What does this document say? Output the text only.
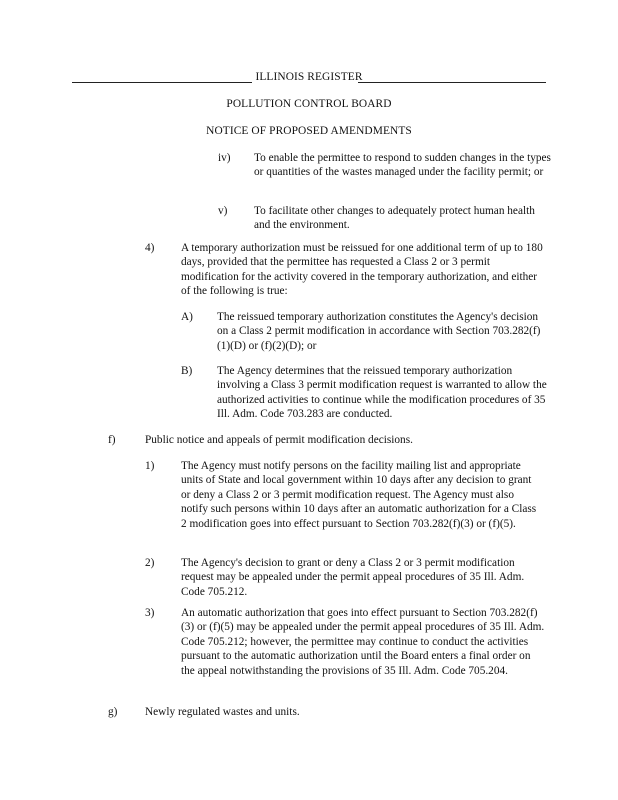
ILLINOIS REGISTER
POLLUTION CONTROL BOARD
NOTICE OF PROPOSED AMENDMENTS
iv) To enable the permittee to respond to sudden changes in the types or quantities of the wastes managed under the facility permit; or

v) To facilitate other changes to adequately protect human health and the environment.

4) A temporary authorization must be reissued for one additional term of up to 180 days, provided that the permittee has requested a Class 2 or 3 permit modification for the activity covered in the temporary authorization, and either of the following is true:

A) The reissued temporary authorization constitutes the Agency's decision on a Class 2 permit modification in accordance with Section 703.282(f)(1)(D) or (f)(2)(D); or

B) The Agency determines that the reissued temporary authorization involving a Class 3 permit modification request is warranted to allow the authorized activities to continue while the modification procedures of 35 Ill. Adm. Code 703.283 are conducted.

f)	Public notice and appeals of permit modification decisions.

1) The Agency must notify persons on the facility mailing list and appropriate units of State and local government within 10 days after any decision to grant or deny a Class 2 or 3 permit modification request. The Agency must also notify such persons within 10 days after an automatic authorization for a Class 2 modification goes into effect pursuant to Section 703.282(f)(3) or (f)(5).

2) The Agency's decision to grant or deny a Class 2 or 3 permit modification request may be appealed under the permit appeal procedures of 35 Ill. Adm. Code 705.212.

3) An automatic authorization that goes into effect pursuant to Section 703.282(f)(3) or (f)(5) may be appealed under the permit appeal procedures of 35 Ill. Adm. Code 705.212; however, the permittee may continue to conduct the activities pursuant to the automatic authorization until the Board enters a final order on the appeal notwithstanding the provisions of 35 Ill. Adm. Code 705.204.

g) Newly regulated wastes and units.
